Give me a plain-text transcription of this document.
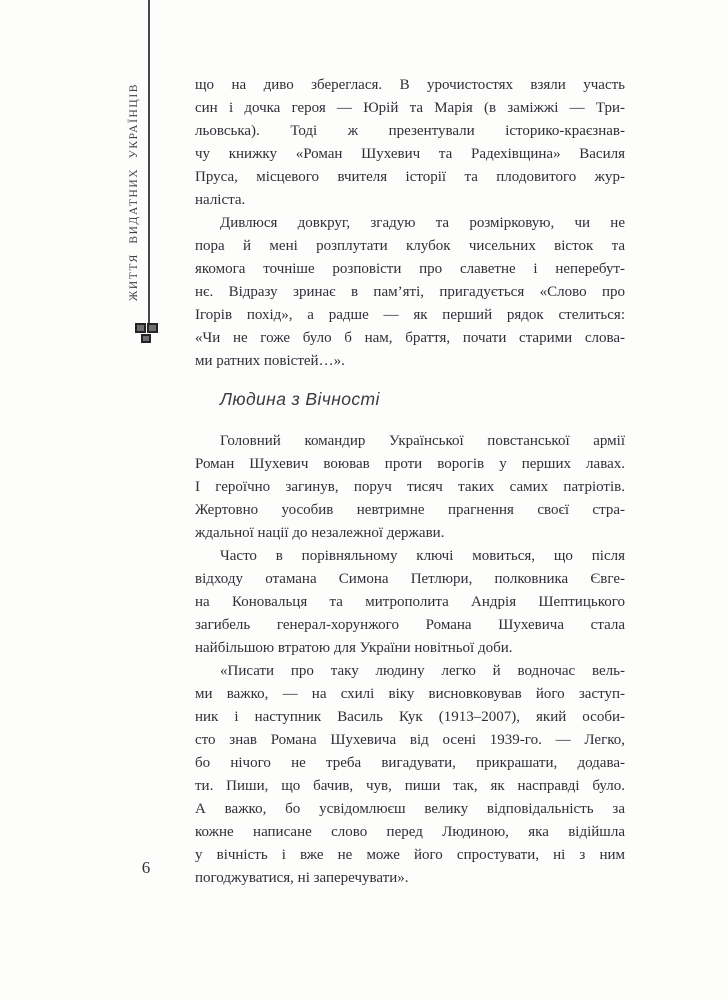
ЖИТТЯ ВИДАТНИХ УКРАЇНЦІВ	що на диво збереглася. В урочистостях взяли участь
син і дочка героя — Юрій та Марія (в заміжжі — Три-
льовська). Тоді ж презентували історико-краєзнав-
чу книжку «Роман Шухевич та Радехівщина» Василя
Пруса, місцевого вчителя історії та плодовитого жур-
наліста.
Дивлюся довкруг, згадую та розмірковую, чи не
пора й мені розплутати клубок чисельних вісток та
якомога точніше розповісти про славетне і неперебут-
нє. Відразу зринає в пам’яті, пригадується «Слово про
Ігорів похід», а радше — як перший рядок стелиться:
«Чи не гоже було б нам, браття, почати старими слова-
ми ратних повістей…».
Людина з Вічності
Головний командир Української повстанської армії
Роман Шухевич воював проти ворогів у перших лавах.
І героїчно загинув, поруч тисяч таких самих патріотів.
Жертовно уособив невтримне прагнення своєї стра-
ждальної нації до незалежної держави.
Часто в порівняльному ключі мовиться, що після
відходу отамана Симона Петлюри, полковника Євге-
на Коновальця та митрополита Андрія Шептицького
загибель генерал-хорунжого Романа Шухевича стала
найбільшою втратою для України новітньої доби.
«Писати про таку людину легко й водночас вель-
ми важко, — на схилі віку висновковував його заступ-
ник і наступник Василь Кук (1913–2007), який особи-
сто знав Романа Шухевича від осені 1939-го. — Легко,
бо нічого не треба вигадувати, прикрашати, додава-
ти. Пиши, що бачив, чув, пиши так, як насправді було.
А важко, бо усвідомлюєш велику відповідальність за
кожне написане слово перед Людиною, яка відійшла
у вічність і вже не може його спростувати, ні з ним
погоджуватися, ні заперечувати».
6
